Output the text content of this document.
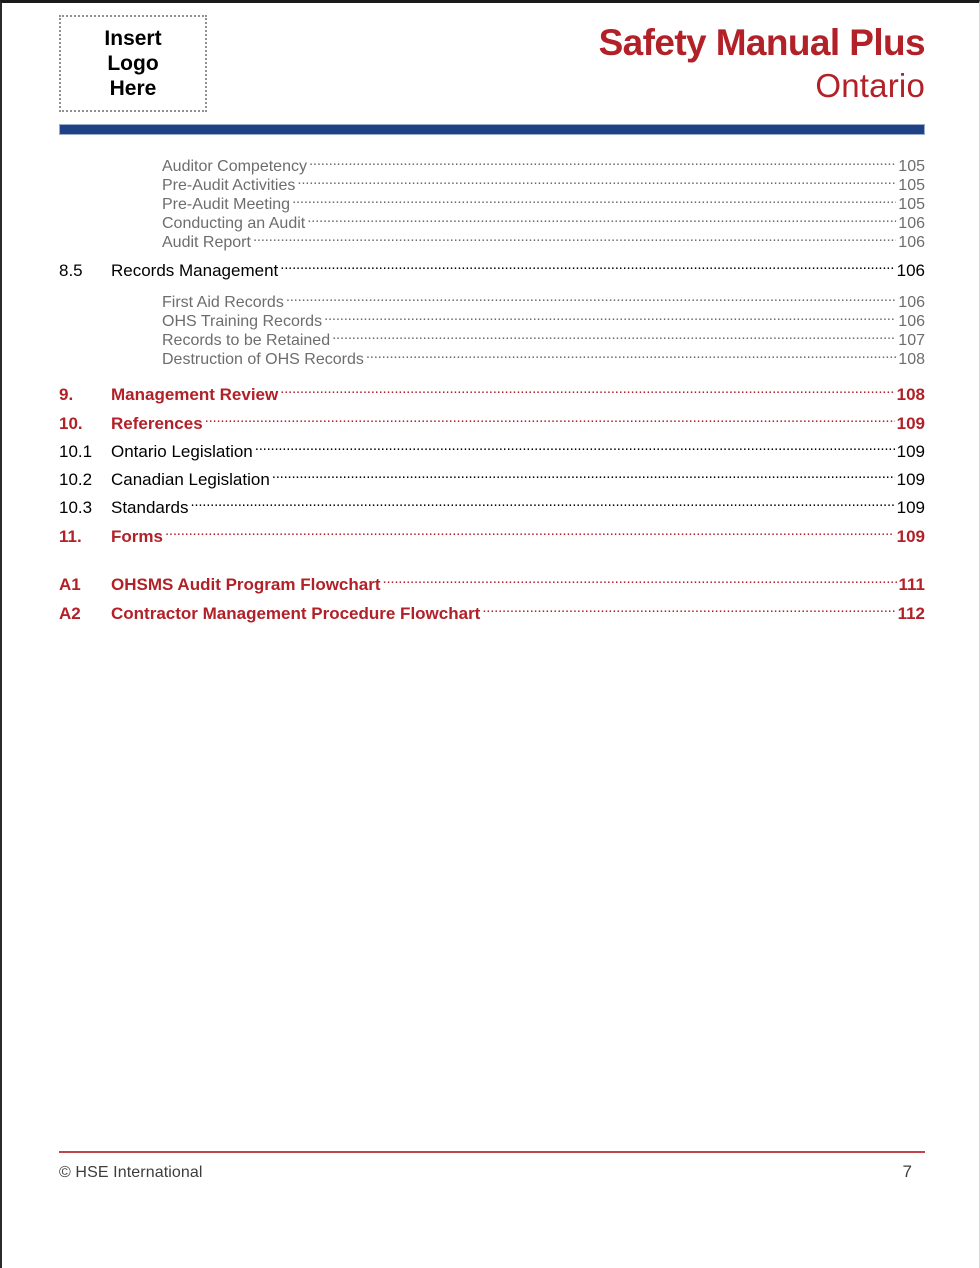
Insert
Logo
Here
Safety Manual Plus
Ontario
Auditor Competency . . .	105
Pre-Audit Activities . . .	105
Pre-Audit Meeting . . .	105
Conducting an Audit . . .	106
Audit Report . . .	106
8.5	Records Management . . .	106
First Aid Records . . .	106
OHS Training Records . . .	106
Records to be Retained . . .	107
Destruction of OHS Records . . .	108
9.	Management Review . . .	108
10.	References . . .	109
10.1	Ontario Legislation . . .	109
10.2	Canadian Legislation . . .	109
10.3	Standards . . .	109
11.	Forms . . .	109
A1	OHSMS Audit Program Flowchart . . .	111
A2	Contractor Management Procedure Flowchart . . .	112
© HSE International	7
